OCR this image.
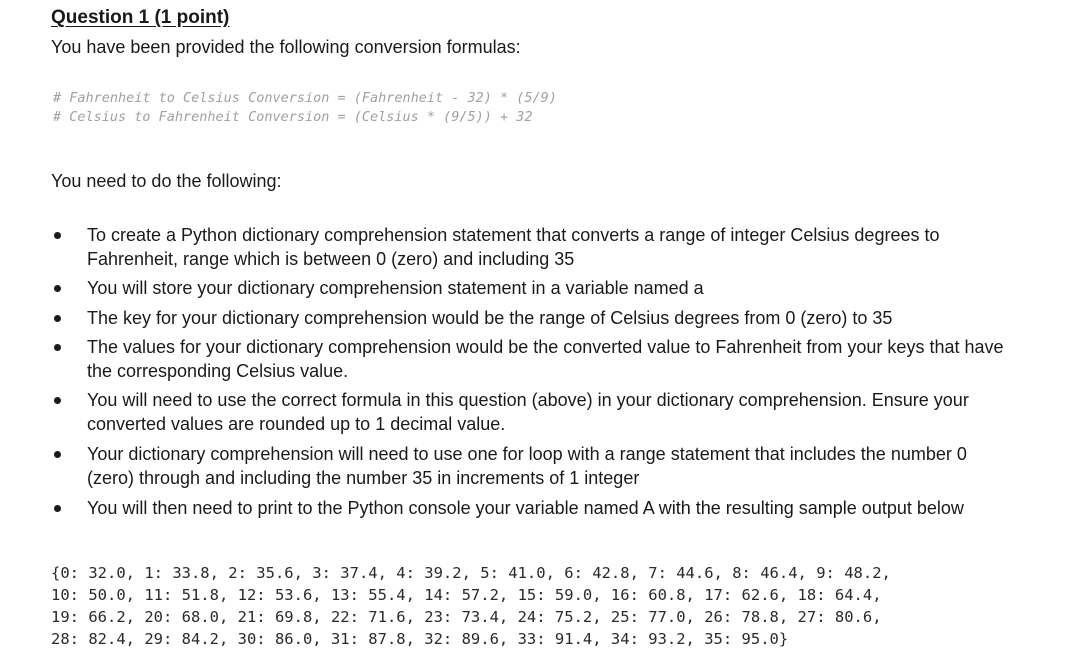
Question 1 (1 point)
You have been provided the following conversion formulas:
# Fahrenheit to Celsius Conversion = (Fahrenheit - 32) * (5/9)
# Celsius to Fahrenheit Conversion = (Celsius * (9/5)) + 32
You need to do the following:
To create a Python dictionary comprehension statement that converts a range of integer Celsius degrees to Fahrenheit, range which is between 0 (zero) and including 35
You will store your dictionary comprehension statement in a variable named a
The key for your dictionary comprehension would be the range of Celsius degrees from 0 (zero) to 35
The values for your dictionary comprehension would be the converted value to Fahrenheit from your keys that have the corresponding Celsius value.
You will need to use the correct formula in this question (above) in your dictionary comprehension. Ensure your converted values are rounded up to 1 decimal value.
Your dictionary comprehension will need to use one for loop with a range statement that includes the number 0 (zero) through and including the number 35 in increments of 1 integer
You will then need to print to the Python console your variable named A with the resulting sample output below
{0: 32.0, 1: 33.8, 2: 35.6, 3: 37.4, 4: 39.2, 5: 41.0, 6: 42.8, 7: 44.6, 8: 46.4, 9: 48.2,
10: 50.0, 11: 51.8, 12: 53.6, 13: 55.4, 14: 57.2, 15: 59.0, 16: 60.8, 17: 62.6, 18: 64.4,
19: 66.2, 20: 68.0, 21: 69.8, 22: 71.6, 23: 73.4, 24: 75.2, 25: 77.0, 26: 78.8, 27: 80.6,
28: 82.4, 29: 84.2, 30: 86.0, 31: 87.8, 32: 89.6, 33: 91.4, 34: 93.2, 35: 95.0}
